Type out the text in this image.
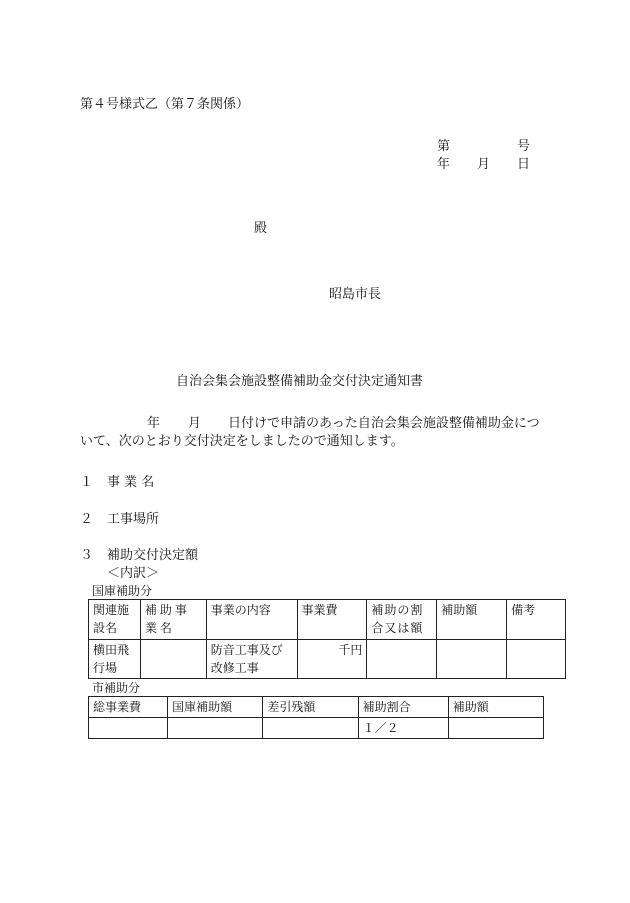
第４号様式乙（第７条関係）
第	号
年 月 日
殿
昭島市長
自治会集会施設整備補助金交付決定通知書
年 月 日付けで申請のあった自治会集会施設整備補助金につ
いて、次のとおり交付決定をしましたので通知します。
１ 事 業 名
２ 工事場所
３ 補助交付決定額
＜内訳＞
国庫補助分
関連施設名	補助事業名	事業の内容	事業費	補助の割合又は額	補助額	備考
横田飛行場		防音工事及び改修工事	千円			
市補助分
総事業費	国庫補助額	差引残額	補助割合	補助額
			１／２	
